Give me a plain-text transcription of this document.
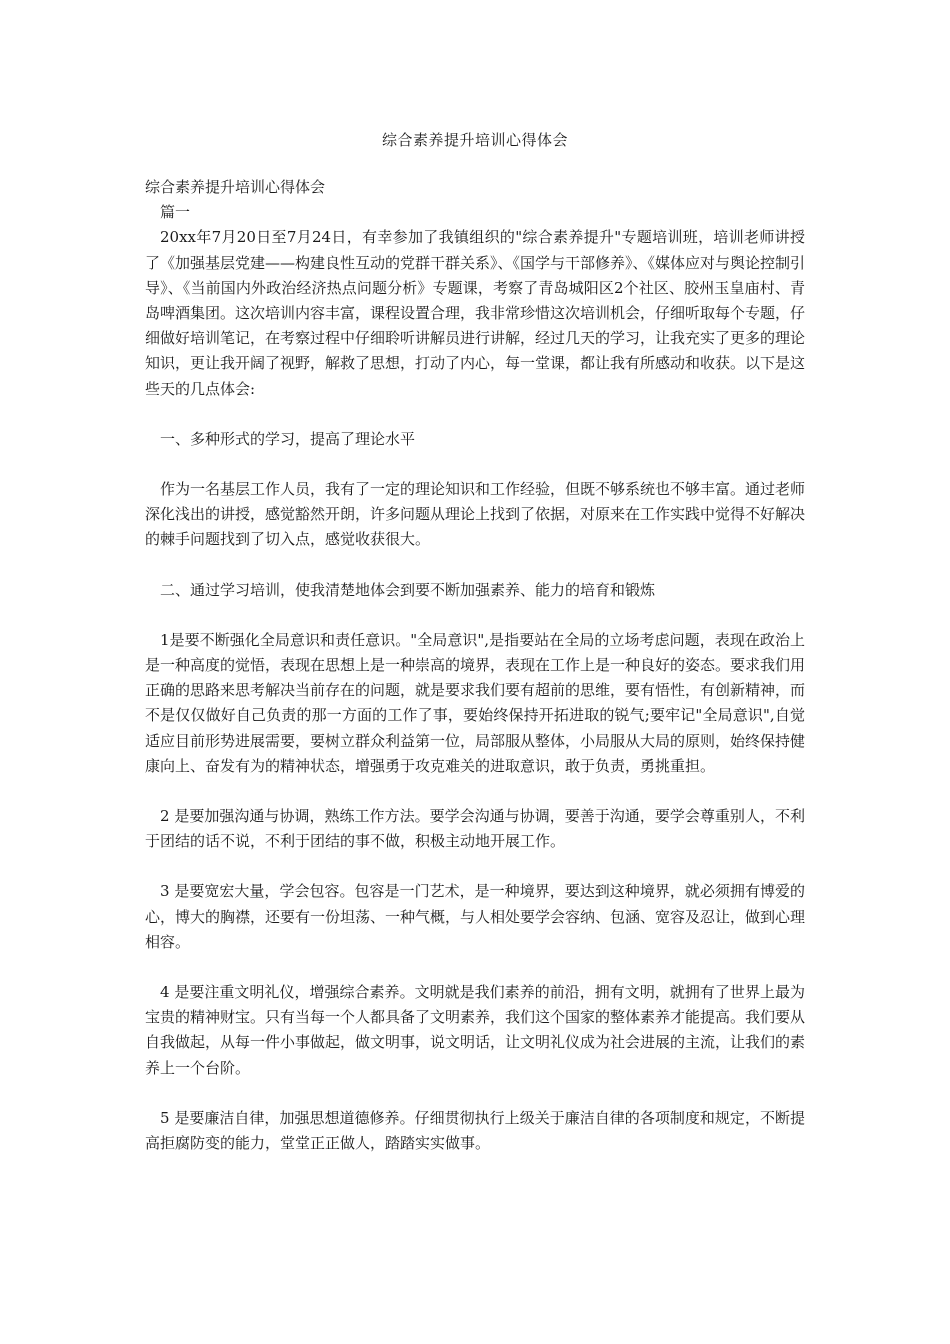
综合素养提升培训心得体会

综合素养提升培训心得体会

篇一

20xx年7月20日至7月24日，有幸参加了我镇组织的"综合素养提升"专题培训班，培训老师讲授了《加强基层党建——构建良性互动的党群干群关系》、《国学与干部修养》、《媒体应对与舆论控制引导》、《当前国内外政治经济热点问题分析》专题课，考察了青岛城阳区2个社区、胶州玉皇庙村、青岛啤酒集团。这次培训内容丰富，课程设置合理，我非常珍惜这次培训机会，仔细听取每个专题，仔细做好培训笔记，在考察过程中仔细聆听讲解员进行讲解，经过几天的学习，让我充实了更多的理论知识，更让我开阔了视野，解救了思想，打动了内心，每一堂课，都让我有所感动和收获。以下是这些天的几点体会:

一、多种形式的学习，提高了理论水平

作为一名基层工作人员，我有了一定的理论知识和工作经验，但既不够系统也不够丰富。通过老师深化浅出的讲授，感觉豁然开朗，许多问题从理论上找到了依据，对原来在工作实践中觉得不好解决的棘手问题找到了切入点，感觉收获很大。

二、通过学习培训，使我清楚地体会到要不断加强素养、能力的培育和锻炼

1是要不断强化全局意识和责任意识。"全局意识",是指要站在全局的立场考虑问题，表现在政治上是一种高度的觉悟，表现在思想上是一种崇高的境界，表现在工作上是一种良好的姿态。要求我们用正确的思路来思考解决当前存在的问题，就是要求我们要有超前的思维，要有悟性，有创新精神，而不是仅仅做好自己负责的那一方面的工作了事，要始终保持开拓进取的锐气;要牢记"全局意识",自觉适应目前形势进展需要，要树立群众利益第一位，局部服从整体，小局服从大局的原则，始终保持健康向上、奋发有为的精神状态，增强勇于攻克难关的进取意识，敢于负责，勇挑重担。

2 是要加强沟通与协调，熟练工作方法。要学会沟通与协调，要善于沟通，要学会尊重别人，不利于团结的话不说，不利于团结的事不做，积极主动地开展工作。

3 是要宽宏大量，学会包容。包容是一门艺术，是一种境界，要达到这种境界，就必须拥有博爱的心，博大的胸襟，还要有一份坦荡、一种气概，与人相处要学会容纳、包涵、宽容及忍让，做到心理相容。

4 是要注重文明礼仪，增强综合素养。文明就是我们素养的前沿，拥有文明，就拥有了世界上最为宝贵的精神财宝。只有当每一个人都具备了文明素养，我们这个国家的整体素养才能提高。我们要从自我做起，从每一件小事做起，做文明事，说文明话，让文明礼仪成为社会进展的主流，让我们的素养上一个台阶。

5 是要廉洁自律，加强思想道德修养。仔细贯彻执行上级关于廉洁自律的各项制度和规定，不断提高拒腐防变的能力，堂堂正正做人，踏踏实实做事。
